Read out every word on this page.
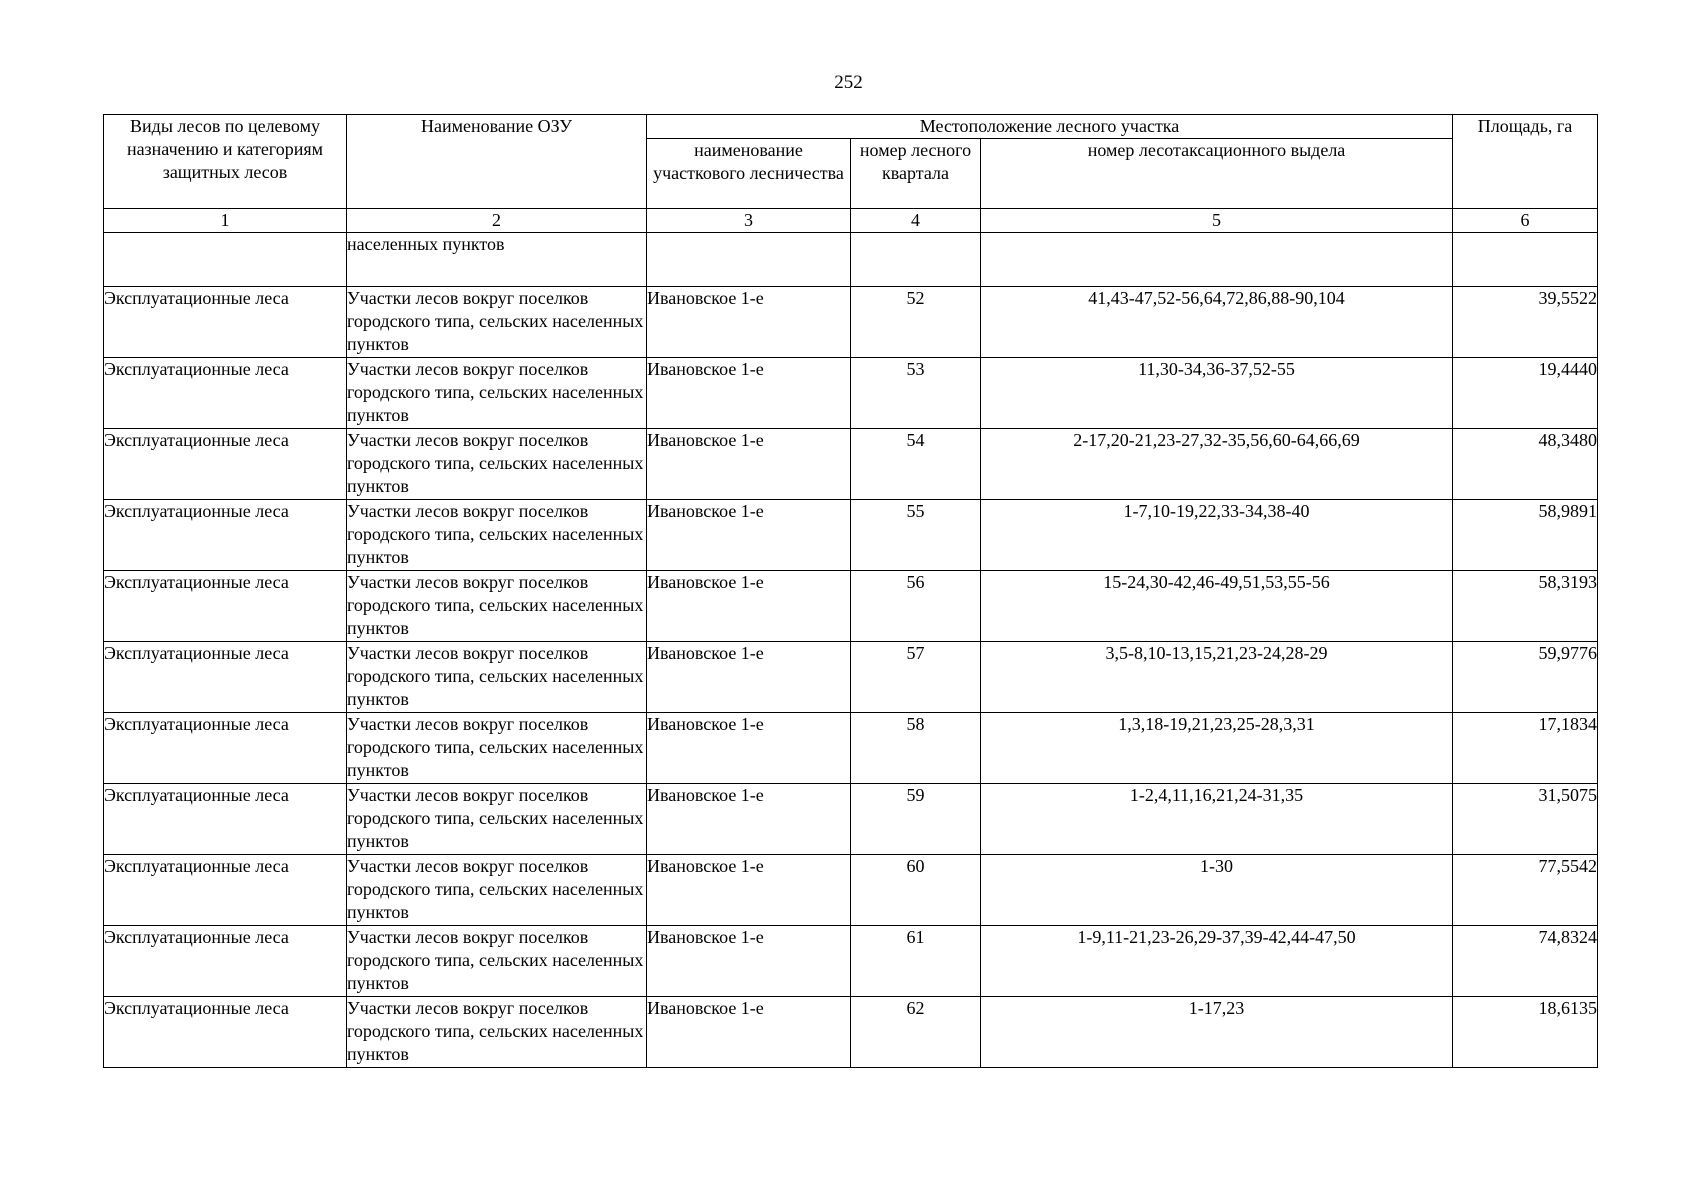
252
Виды лесов по целевому назначению и категориям защитных лесов	Наименование ОЗУ	Местоположение лесного участка			Площадь, га
		наименование участкового лесничества	номер лесного квартала	номер лесотаксационного выдела	
1	2	3	4	5	6
	населенных пунктов				
Эксплуатационные леса	Участки лесов вокруг поселков городского типа, сельских населенных пунктов	Ивановское 1-е	52	41,43-47,52-56,64,72,86,88-90,104	39,5522
Эксплуатационные леса	Участки лесов вокруг поселков городского типа, сельских населенных пунктов	Ивановское 1-е	53	11,30-34,36-37,52-55	19,4440
Эксплуатационные леса	Участки лесов вокруг поселков городского типа, сельских населенных пунктов	Ивановское 1-е	54	2-17,20-21,23-27,32-35,56,60-64,66,69	48,3480
Эксплуатационные леса	Участки лесов вокруг поселков городского типа, сельских населенных пунктов	Ивановское 1-е	55	1-7,10-19,22,33-34,38-40	58,9891
Эксплуатационные леса	Участки лесов вокруг поселков городского типа, сельских населенных пунктов	Ивановское 1-е	56	15-24,30-42,46-49,51,53,55-56	58,3193
Эксплуатационные леса	Участки лесов вокруг поселков городского типа, сельских населенных пунктов	Ивановское 1-е	57	3,5-8,10-13,15,21,23-24,28-29	59,9776
Эксплуатационные леса	Участки лесов вокруг поселков городского типа, сельских населенных пунктов	Ивановское 1-е	58	1,3,18-19,21,23,25-28,3,31	17,1834
Эксплуатационные леса	Участки лесов вокруг поселков городского типа, сельских населенных пунктов	Ивановское 1-е	59	1-2,4,11,16,21,24-31,35	31,5075
Эксплуатационные леса	Участки лесов вокруг поселков городского типа, сельских населенных пунктов	Ивановское 1-е	60	1-30	77,5542
Эксплуатационные леса	Участки лесов вокруг поселков городского типа, сельских населенных пунктов	Ивановское 1-е	61	1-9,11-21,23-26,29-37,39-42,44-47,50	74,8324
Эксплуатационные леса	Участки лесов вокруг поселков городского типа, сельских населенных пунктов	Ивановское 1-е	62	1-17,23	18,6135
